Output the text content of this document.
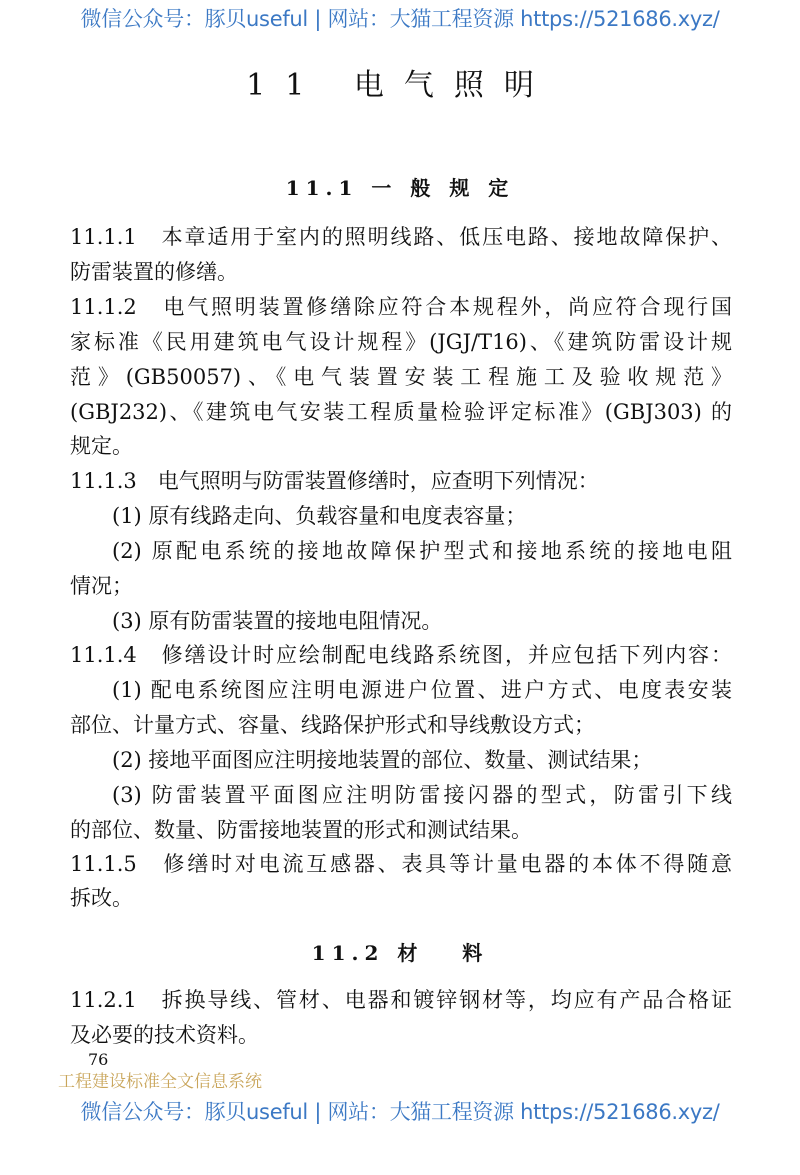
微信公众号：豚贝useful | 网站：大猫工程资源 https://521686.xyz/
11 电气照明
11.1 一 般 规 定
11.1.1　本章适用于室内的照明线路、低压电路、接地故障保护、
防雷装置的修缮。
11.1.2　电气照明装置修缮除应符合本规程外，尚应符合现行国
家标准《民用建筑电气设计规程》(JGJ/T16)、《建筑防雷设计规
范》(GB50057)、《电气装置安装工程施工及验收规范》
(GBJ232)、《建筑电气安装工程质量检验评定标准》(GBJ303) 的
规定。
11.1.3　电气照明与防雷装置修缮时，应查明下列情况：
(1) 原有线路走向、负载容量和电度表容量；
(2) 原配电系统的接地故障保护型式和接地系统的接地电阻
情况；
(3) 原有防雷装置的接地电阻情况。
11.1.4　修缮设计时应绘制配电线路系统图，并应包括下列内容：
(1) 配电系统图应注明电源进户位置、进户方式、电度表安装
部位、计量方式、容量、线路保护形式和导线敷设方式；
(2) 接地平面图应注明接地装置的部位、数量、测试结果；
(3) 防雷装置平面图应注明防雷接闪器的型式，防雷引下线
的部位、数量、防雷接地装置的形式和测试结果。
11.1.5　修缮时对电流互感器、表具等计量电器的本体不得随意
拆改。
11.2 材　 料
11.2.1　拆换导线、管材、电器和镀锌钢材等，均应有产品合格证
及必要的技术资料。
76
工程建设标准全文信息系统
微信公众号：豚贝useful | 网站：大猫工程资源 https://521686.xyz/
